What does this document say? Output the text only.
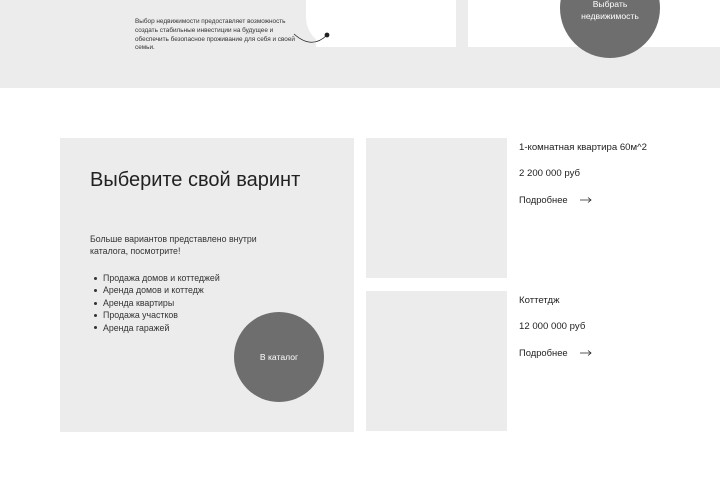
Выбор недвижимости предоставляет возможность создать стабильные инвестиции на будущее и обеспечить безопасное проживание для себя и своей семьи.

Выбрать
недвижимость
Выберите свой варинт

Больше вариантов представлено внутри каталога, посмотрите!

Продажа домов и коттеджей
Аренда домов и коттедж
Аренда квартиры
Продажа участков
Аренда гаражей
В каталог
1-комнатная квартира 60м^2
2 200 000 руб
Подробнее
Коттетдж
12 000 000 руб
Подробнее
